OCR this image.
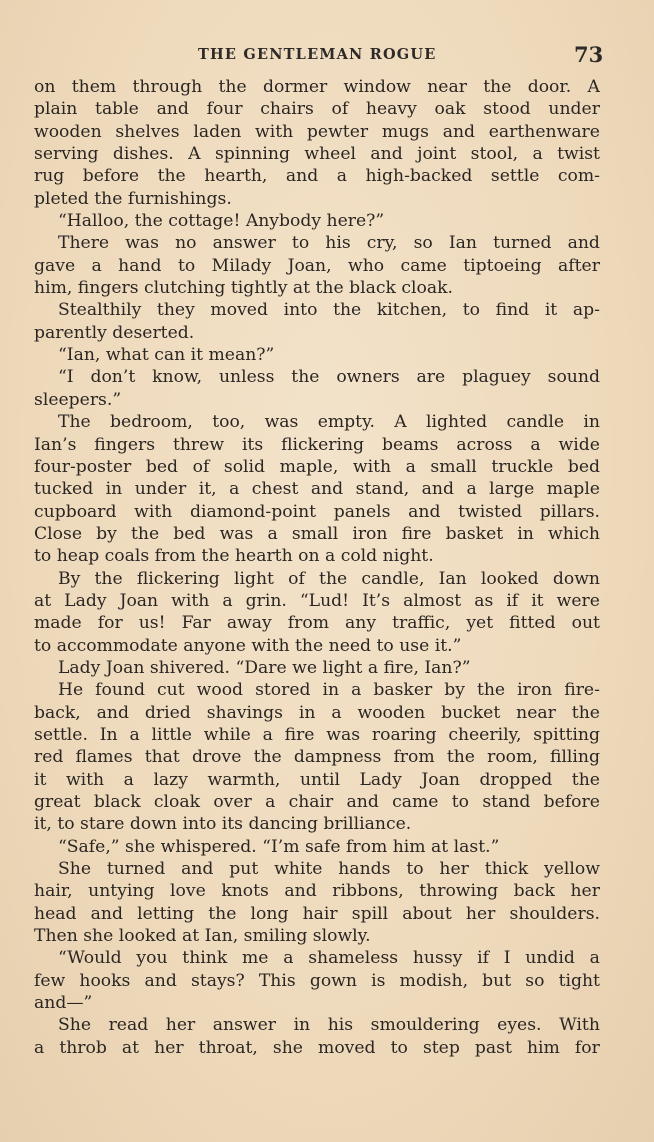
THE GENTLEMAN ROGUE	73
on them through the dormer window near the door. A
plain table and four chairs of heavy oak stood under
wooden shelves laden with pewter mugs and earthenware
serving dishes. A spinning wheel and joint stool, a twist
rug before the hearth, and a high-backed settle com-
pleted the furnishings.
“Halloo, the cottage! Anybody here?”
There was no answer to his cry, so Ian turned and
gave a hand to Milady Joan, who came tiptoeing after
him, fingers clutching tightly at the black cloak.
Stealthily they moved into the kitchen, to find it ap-
parently deserted.
“Ian, what can it mean?”
“I don’t know, unless the owners are plaguey sound
sleepers.”
The bedroom, too, was empty. A lighted candle in
Ian’s fingers threw its flickering beams across a wide
four-poster bed of solid maple, with a small truckle bed
tucked in under it, a chest and stand, and a large maple
cupboard with diamond-point panels and twisted pillars.
Close by the bed was a small iron fire basket in which
to heap coals from the hearth on a cold night.
By the flickering light of the candle, Ian looked down
at Lady Joan with a grin. “Lud! It’s almost as if it were
made for us! Far away from any traffic, yet fitted out
to accommodate anyone with the need to use it.”
Lady Joan shivered. “Dare we light a fire, Ian?”
He found cut wood stored in a basker by the iron fire-
back, and dried shavings in a wooden bucket near the
settle. In a little while a fire was roaring cheerily, spitting
red flames that drove the dampness from the room, filling
it with a lazy warmth, until Lady Joan dropped the
great black cloak over a chair and came to stand before
it, to stare down into its dancing brilliance.
“Safe,” she whispered. “I’m safe from him at last.”
She turned and put white hands to her thick yellow
hair, untying love knots and ribbons, throwing back her
head and letting the long hair spill about her shoulders.
Then she looked at Ian, smiling slowly.
“Would you think me a shameless hussy if I undid a
few hooks and stays? This gown is modish, but so tight
and—”
She read her answer in his smouldering eyes. With
a throb at her throat, she moved to step past him for
